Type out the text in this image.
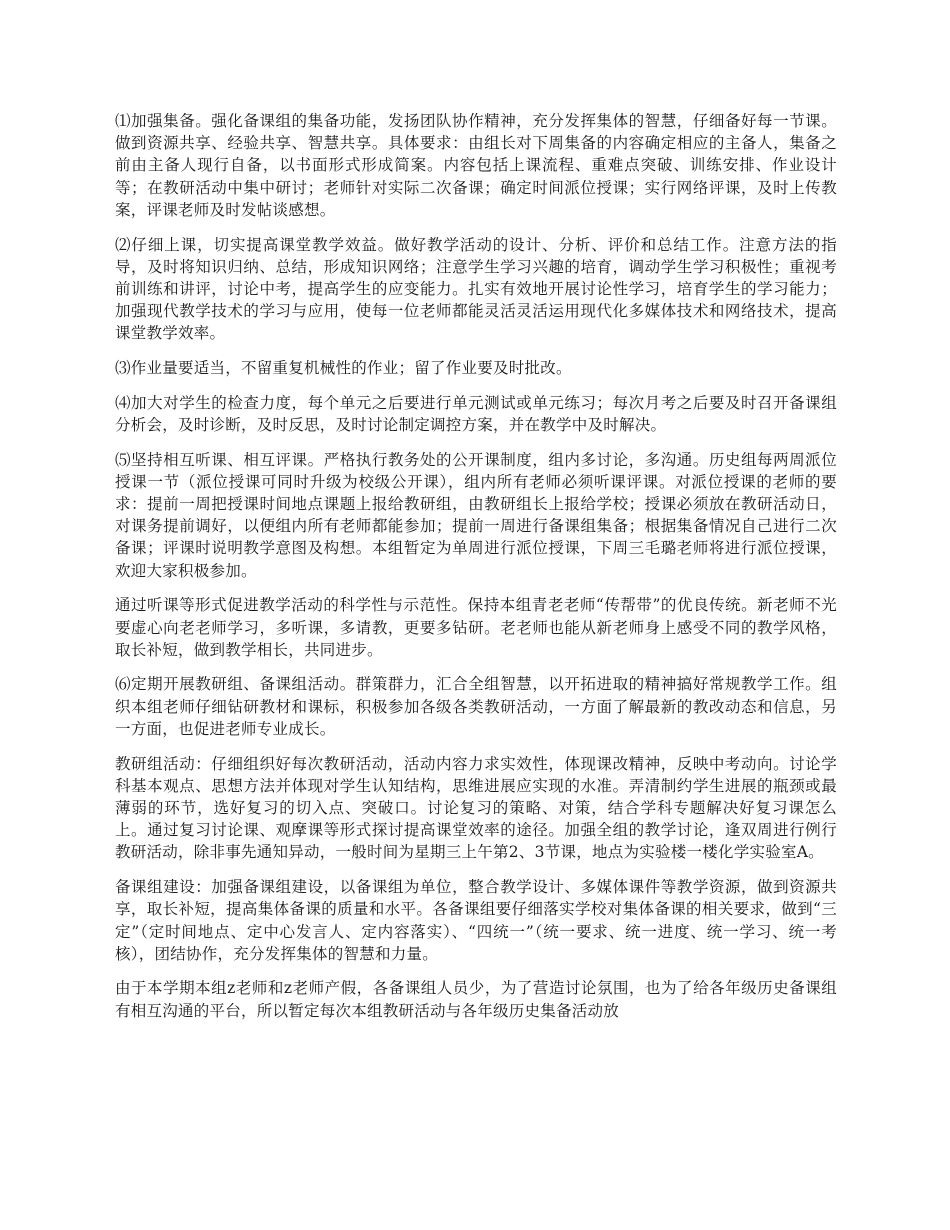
⑴加强集备。强化备课组的集备功能，发扬团队协作精神，充分发挥集体的智慧，仔细备好每一节课。做到资源共享、经验共享、智慧共享。具体要求：由组长对下周集备的内容确定相应的主备人，集备之前由主备人现行自备，以书面形式形成简案。内容包括上课流程、重难点突破、训练安排、作业设计等；在教研活动中集中研讨；老师针对实际二次备课；确定时间派位授课；实行网络评课，及时上传教案，评课老师及时发帖谈感想。

⑵仔细上课，切实提高课堂教学效益。做好教学活动的设计、分析、评价和总结工作。注意方法的指导，及时将知识归纳、总结，形成知识网络；注意学生学习兴趣的培育，调动学生学习积极性；重视考前训练和讲评，讨论中考，提高学生的应变能力。扎实有效地开展讨论性学习，培育学生的学习能力；加强现代教学技术的学习与应用，使每一位老师都能灵活灵活运用现代化多媒体技术和网络技术，提高课堂教学效率。

⑶作业量要适当，不留重复机械性的作业；留了作业要及时批改。

⑷加大对学生的检查力度，每个单元之后要进行单元测试或单元练习；每次月考之后要及时召开备课组分析会，及时诊断，及时反思，及时讨论制定调控方案，并在教学中及时解决。

⑸坚持相互听课、相互评课。严格执行教务处的公开课制度，组内多讨论，多沟通。历史组每两周派位授课一节（派位授课可同时升级为校级公开课），组内所有老师必须听课评课。对派位授课的老师的要求：提前一周把授课时间地点课题上报给教研组，由教研组长上报给学校；授课必须放在教研活动日，对课务提前调好，以便组内所有老师都能参加；提前一周进行备课组集备；根据集备情况自己进行二次备课；评课时说明教学意图及构想。本组暂定为单周进行派位授课，下周三毛璐老师将进行派位授课，欢迎大家积极参加。

通过听课等形式促进教学活动的科学性与示范性。保持本组青老老师“传帮带”的优良传统。新老师不光要虚心向老老师学习，多听课，多请教，更要多钻研。老老师也能从新老师身上感受不同的教学风格，取长补短，做到教学相长，共同进步。

⑹定期开展教研组、备课组活动。群策群力，汇合全组智慧，以开拓进取的精神搞好常规教学工作。组织本组老师仔细钻研教材和课标，积极参加各级各类教研活动，一方面了解最新的教改动态和信息，另一方面，也促进老师专业成长。

教研组活动：仔细组织好每次教研活动，活动内容力求实效性，体现课改精神，反映中考动向。讨论学科基本观点、思想方法并体现对学生认知结构，思维进展应实现的水准。弄清制约学生进展的瓶颈或最薄弱的环节，选好复习的切入点、突破口。讨论复习的策略、对策，结合学科专题解决好复习课怎么上。通过复习讨论课、观摩课等形式探讨提高课堂效率的途径。加强全组的教学讨论，逢双周进行例行教研活动，除非事先通知异动，一般时间为星期三上午第2、3节课，地点为实验楼一楼化学实验室A。

备课组建设：加强备课组建设，以备课组为单位，整合教学设计、多媒体课件等教学资源，做到资源共享，取长补短，提高集体备课的质量和水平。各备课组要仔细落实学校对集体备课的相关要求，做到“三定”（定时间地点、定中心发言人、定内容落实）、“四统一”（统一要求、统一进度、统一学习、统一考核），团结协作，充分发挥集体的智慧和力量。

由于本学期本组z老师和z老师产假，各备课组人员少，为了营造讨论氛围，也为了给各年级历史备课组有相互沟通的平台，所以暂定每次本组教研活动与各年级历史集备活动放
